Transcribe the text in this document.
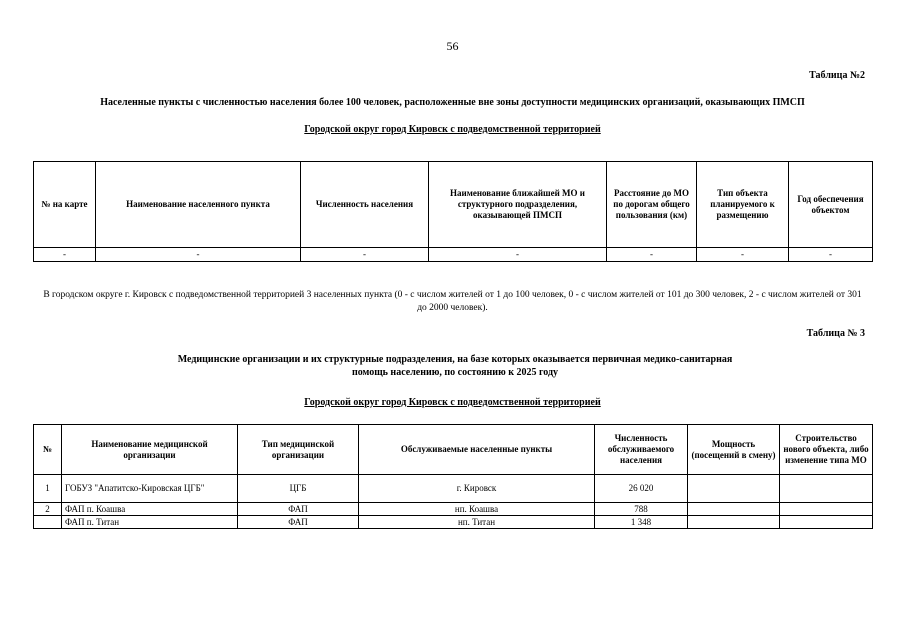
56
Таблица №2
Населенные пункты с численностью населения более 100 человек, расположенные вне зоны доступности медицинских организаций, оказывающих ПМСП
Городской округ город Кировск с подведомственной территорией
№ на карте	Наименование населенного пункта	Численность населения	Наименование ближайшей МО и структурного подразделения, оказывающей ПМСП	Расстояние до МО по дорогам общего пользования (км)	Тип объекта планируемого к размещению	Год обеспечения объектом
-	-	-	-	-	-	-
В городском округе г. Кировск с подведомственной территорией 3 населенных пункта (0 - с числом жителей от 1 до 100 человек, 0 - с числом жителей от 101 до 300 человек, 2 - с числом жителей от 301 до 2000 человек).
Таблица № 3
Медицинские организации и их структурные подразделения, на базе которых оказывается первичная медико-санитарная помощь населению, по состоянию к 2025 году
Городской округ город Кировск с подведомственной территорией
№	Наименование медицинской организации	Тип медицинской организации	Обслуживаемые населенные пункты	Численность обслуживаемого населения	Мощность (посещений в смену)	Строительство нового объекта, либо изменение типа МО
1	ГОБУЗ "Апатитско-Кировская ЦГБ"	ЦГБ	г. Кировск	26 020		
2	ФАП п. Коашва	ФАП	нп. Коашва	788		
	ФАП п. Титан	ФАП	нп. Титан	1 348		
